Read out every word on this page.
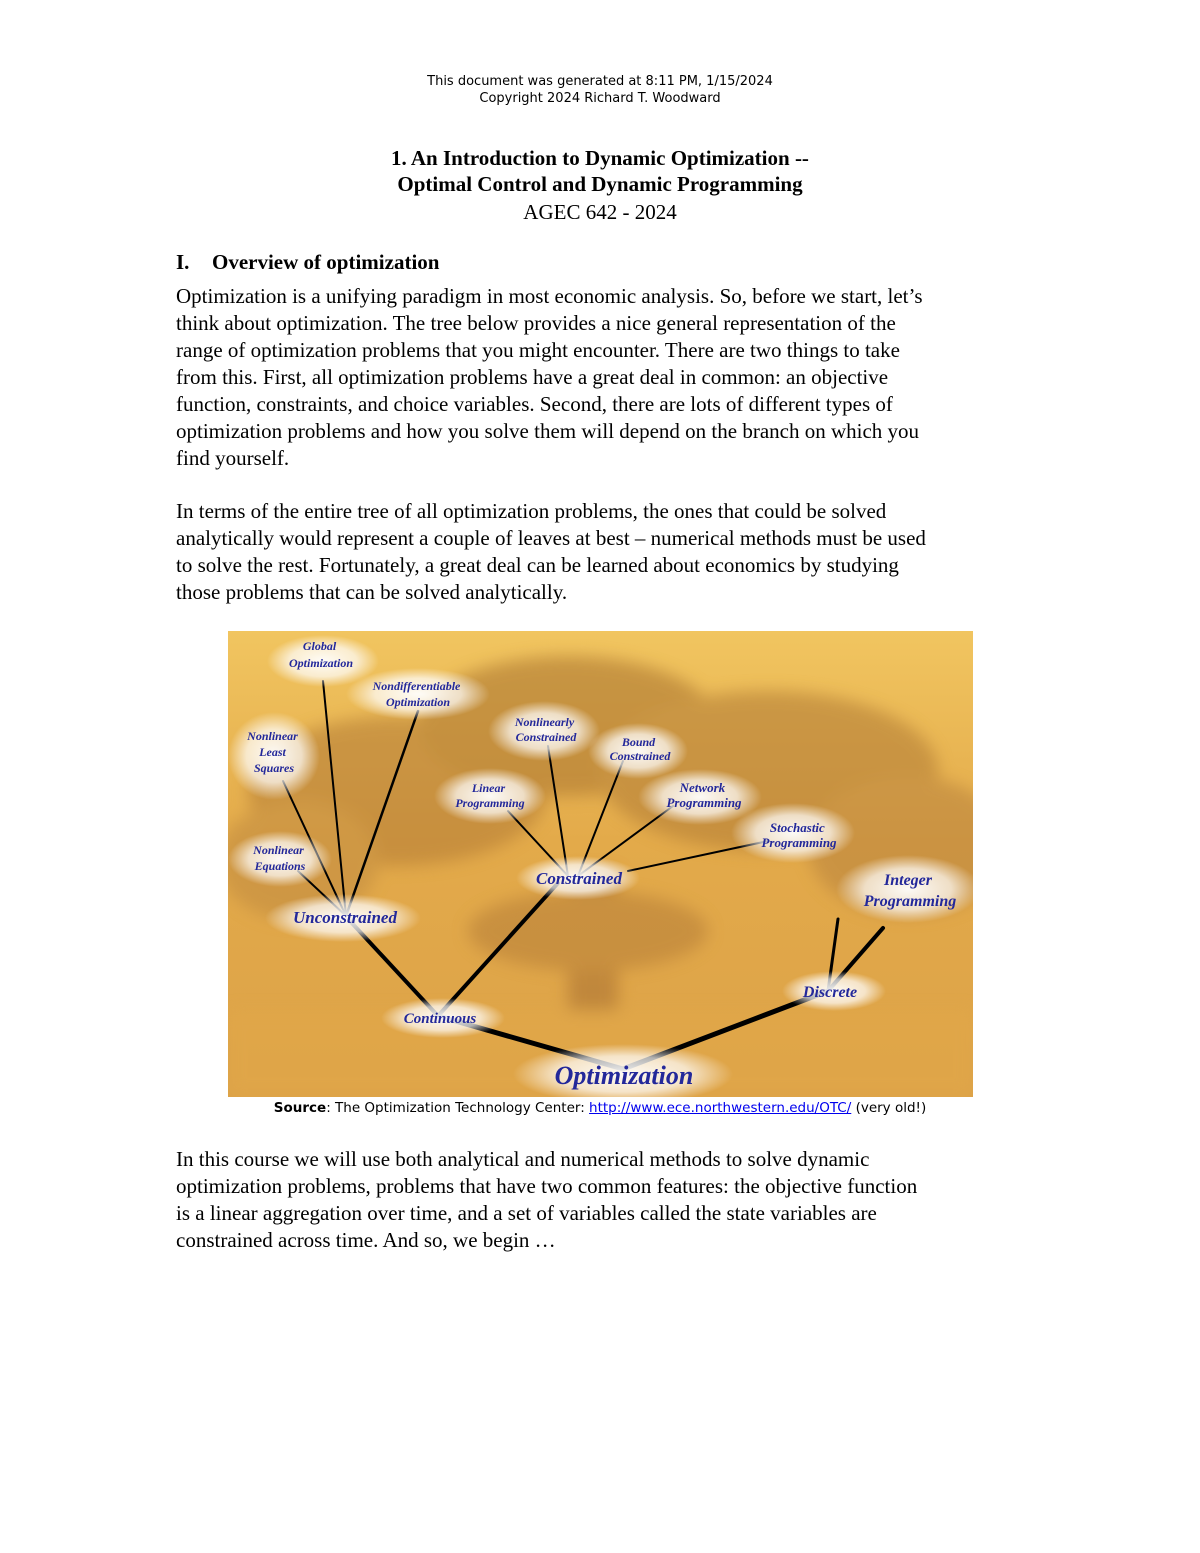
This document was generated at 8:11 PM, 1/15/2024
Copyright 2024 Richard T. Woodward
1. An Introduction to Dynamic Optimization --
Optimal Control and Dynamic Programming
AGEC 642 - 2024
I. Overview of optimization
Optimization is a unifying paradigm in most economic analysis. So, before we start, let’s
think about optimization. The tree below provides a nice general representation of the
range of optimization problems that you might encounter. There are two things to take
from this. First, all optimization problems have a great deal in common: an objective
function, constraints, and choice variables. Second, there are lots of different types of
optimization problems and how you solve them will depend on the branch on which you
find yourself.
In terms of the entire tree of all optimization problems, the ones that could be solved
analytically would represent a couple of leaves at best – numerical methods must be used
to solve the rest. Fortunately, a great deal can be learned about economics by studying
those problems that can be solved analytically.
Optimization
Continuous
Discrete
Unconstrained
Constrained	Integer Programming
Stochastic Programming
Network Programming
Bound Constrained
Nonlinearly Constrained
Linear Programming
Nondifferentiable Optimization
Global Optimization
Nonlinear Least Squares
Nonlinear Equations
Source: The Optimization Technology Center: http://www.ece.northwestern.edu/OTC/ (very old!)
In this course we will use both analytical and numerical methods to solve dynamic
optimization problems, problems that have two common features: the objective function
is a linear aggregation over time, and a set of variables called the state variables are
constrained across time. And so, we begin …
